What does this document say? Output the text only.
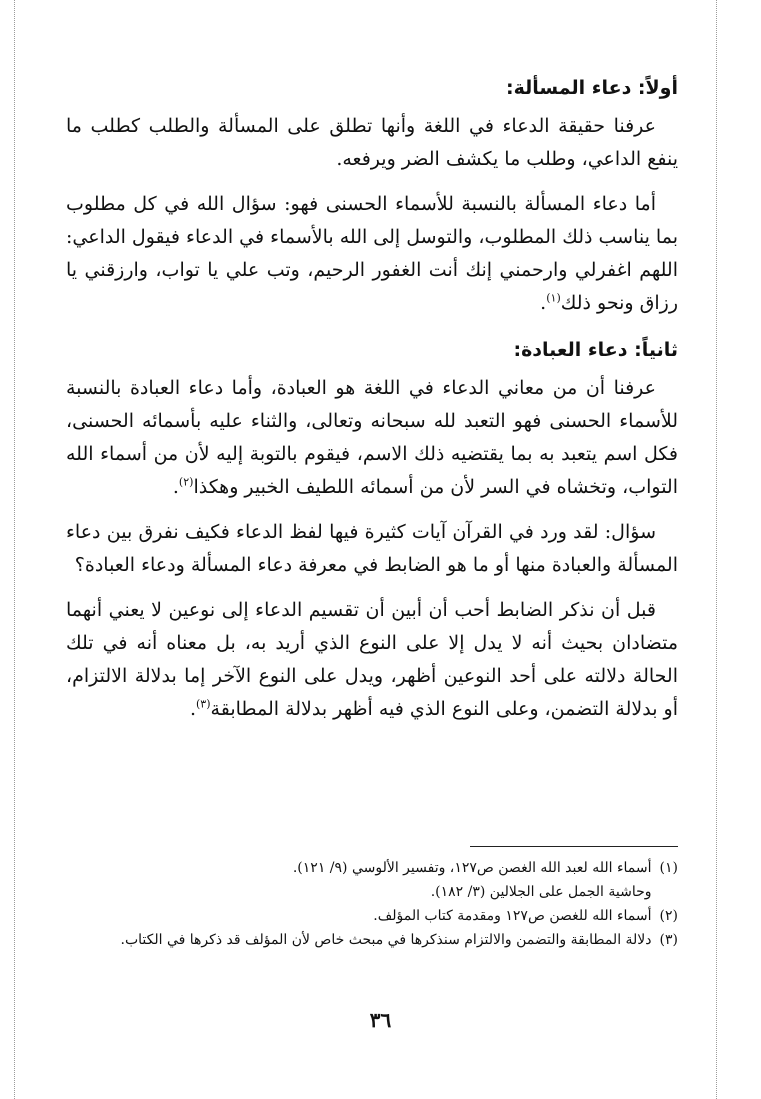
أولاً: دعاء المسألة:

عرفنا حقيقة الدعاء في اللغة وأنها تطلق على المسألة والطلب كطلب ما ينفع الداعي، وطلب ما يكشف الضر ويرفعه.

أما دعاء المسألة بالنسبة للأسماء الحسنى فهو: سؤال الله في كل مطلوب بما يناسب ذلك المطلوب، والتوسل إلى الله بالأسماء في الدعاء فيقول الداعي: اللهم اغفرلي وارحمني إنك أنت الغفور الرحيم، وتب علي يا تواب، وارزقني يا رزاق ونحو ذلك$^{(١)}$.

ثانياً: دعاء العبادة:

عرفنا أن من معاني الدعاء في اللغة هو العبادة، وأما دعاء العبادة بالنسبة للأسماء الحسنى فهو التعبد لله سبحانه وتعالى، والثناء عليه بأسمائه الحسنى، فكل اسم يتعبد به بما يقتضيه ذلك الاسم، فيقوم بالتوبة إليه لأن من أسماء الله التواب، وتخشاه في السر لأن من أسمائه اللطيف الخبير وهكذا$^{(٢)}$.

سؤال: لقد ورد في القرآن آيات كثيرة فيها لفظ الدعاء فكيف نفرق بين دعاء المسألة والعبادة منها أو ما هو الضابط في معرفة دعاء المسألة ودعاء العبادة؟

قبل أن نذكر الضابط أحب أن أبين أن تقسيم الدعاء إلى نوعين لا يعني أنهما متضادان بحيث أنه لا يدل إلا على النوع الذي أريد به، بل معناه أنه في تلك الحالة دلالته على أحد النوعين أظهر، ويدل على النوع الآخر إما بدلالة الالتزام، أو بدلالة التضمن، وعلى النوع الذي فيه أظهر بدلالة المطابقة$^{(٣)}$.

(١)
أسماء الله لعبد الله الغصن ص١٢٧، وتفسير الألوسي (٩/ ١٢١).
وحاشية الجمل على الجلالين (٣/ ١٨٢).
(٢)
أسماء الله للغصن ص١٢٧ ومقدمة كتاب المؤلف.
(٣)
دلالة المطابقة والتضمن والالتزام سنذكرها في مبحث خاص لأن المؤلف قد ذكرها في الكتاب.
٣٦
